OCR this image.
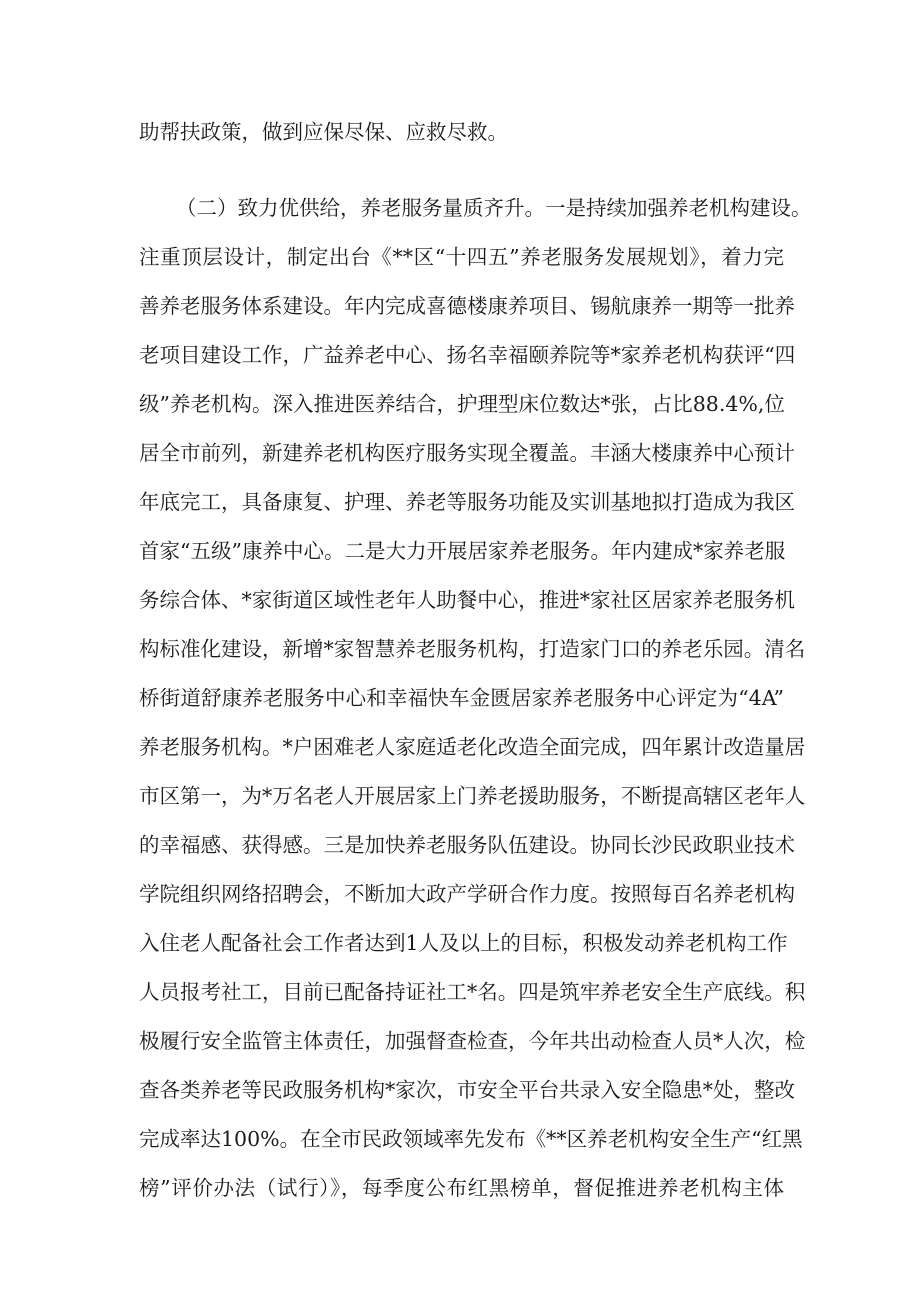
助帮扶政策，做到应保尽保、应救尽救。
（二）致力优供给，养老服务量质齐升。一是持续加强养老机构建设。
注重顶层设计，制定出台《**区“十四五”养老服务发展规划》，着力完
善养老服务体系建设。年内完成喜德楼康养项目、锡航康养一期等一批养
老项目建设工作，广益养老中心、扬名幸福颐养院等*家养老机构获评“四
级”养老机构。深入推进医养结合，护理型床位数达*张，占比88.4%,位
居全市前列，新建养老机构医疗服务实现全覆盖。丰涵大楼康养中心预计
年底完工，具备康复、护理、养老等服务功能及实训基地拟打造成为我区
首家“五级”康养中心。二是大力开展居家养老服务。年内建成*家养老服
务综合体、*家街道区域性老年人助餐中心，推进*家社区居家养老服务机
构标准化建设，新增*家智慧养老服务机构，打造家门口的养老乐园。清名
桥街道舒康养老服务中心和幸福快车金匮居家养老服务中心评定为“4A”
养老服务机构。*户困难老人家庭适老化改造全面完成，四年累计改造量居
市区第一，为*万名老人开展居家上门养老援助服务，不断提高辖区老年人
的幸福感、获得感。三是加快养老服务队伍建设。协同长沙民政职业技术
学院组织网络招聘会，不断加大政产学研合作力度。按照每百名养老机构
入住老人配备社会工作者达到1人及以上的目标，积极发动养老机构工作
人员报考社工，目前已配备持证社工*名。四是筑牢养老安全生产底线。积
极履行安全监管主体责任，加强督查检查，今年共出动检查人员*人次，检
查各类养老等民政服务机构*家次，市安全平台共录入安全隐患*处，整改
完成率达100%。在全市民政领域率先发布《**区养老机构安全生产“红黑
榜”评价办法（试行）》，每季度公布红黑榜单，督促推进养老机构主体
